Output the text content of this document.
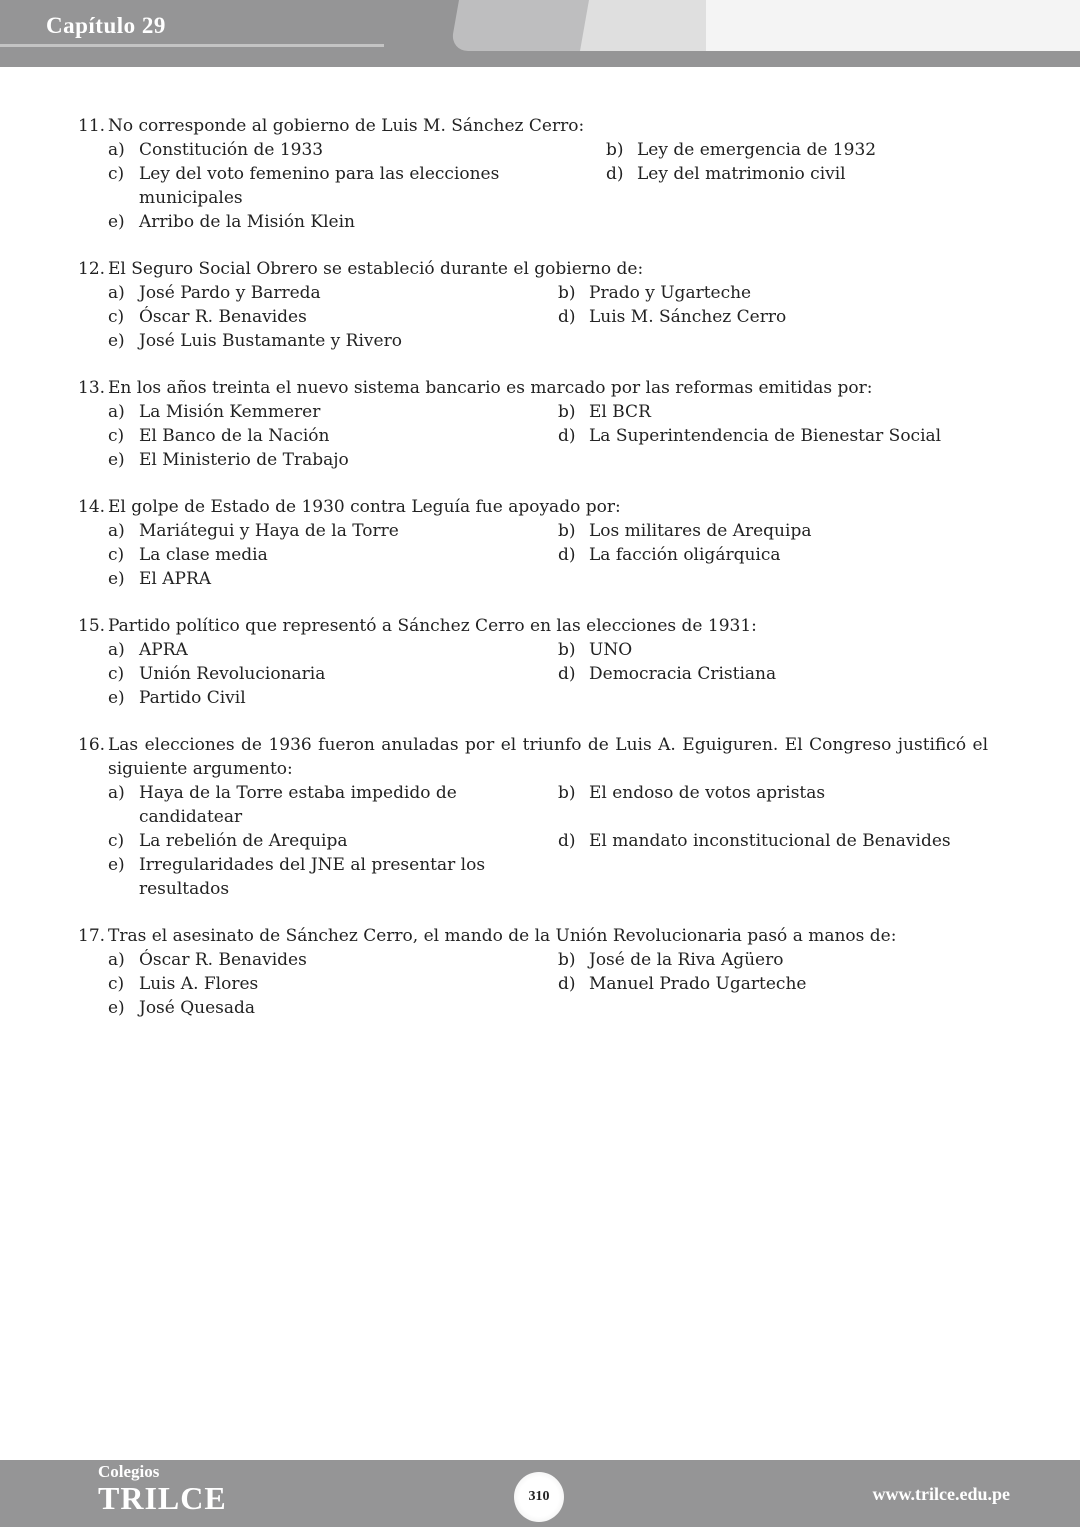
Capítulo 29
11. No corresponde al gobierno de Luis M. Sánchez Cerro:
a) Constitución de 1933	b) Ley de emergencia de 1932
c) Ley del voto femenino para las elecciones municipales
d) Ley del matrimonio civil
e) Arribo de la Misión Klein
12. El Seguro Social Obrero se estableció durante el gobierno de:
a) José Pardo y Barreda	b) Prado y Ugarteche
c) Óscar R. Benavides	d) Luis M. Sánchez Cerro
e) José Luis Bustamante y Rivero
13. En los años treinta el nuevo sistema bancario es marcado por las reformas emitidas por:
a) La Misión Kemmerer	b) El BCR
c) El Banco de la Nación	d) La Superintendencia de Bienestar Social
e) El Ministerio de Trabajo
14. El golpe de Estado de 1930 contra Leguía fue apoyado por:
a) Mariátegui y Haya de la Torre	b) Los militares de Arequipa
c) La clase media	d) La facción oligárquica
e) El APRA
15. Partido político que representó a Sánchez Cerro en las elecciones de 1931:
a) APRA	b) UNO
c) Unión Revolucionaria	d) Democracia Cristiana
e) Partido Civil
16. Las elecciones de 1936 fueron anuladas por el triunfo de Luis A. Eguiguren. El Congreso justificó el siguiente argumento:
a) Haya de la Torre estaba impedido de candidatear
b) El endoso de votos apristas
c) La rebelión de Arequipa	d) El mandato inconstitucional de Benavides
e) Irregularidades del JNE al presentar los resultados
17. Tras el asesinato de Sánchez Cerro, el mando de la Unión Revolucionaria pasó a manos de:
a) Óscar R. Benavides	b) José de la Riva Agüero
c) Luis A. Flores	d) Manuel Prado Ugarteche
e) José Quesada
Colegios
TRILCE	310	www.trilce.edu.pe
